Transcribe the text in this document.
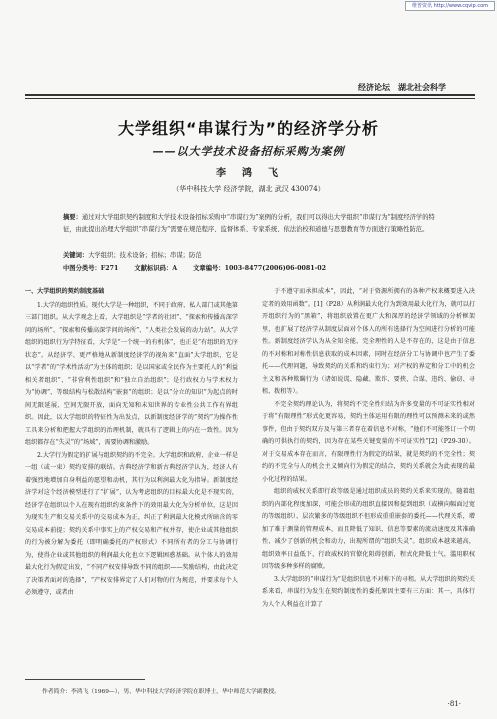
维普资讯 http://www.cqvip.com
经济论坛　湖北社会科学
大学组织“串谋行为”的经济学分析
——以大学技术设备招标采购为案例
李　鸿　飞
（华中科技大学 经济学院，湖北 武汉 430074）
摘要：通过对大学组织契约制度和大学技术设备招标采购中“串谋行为”案例的分析，我们可以得出大学组织“串谋行为”制度经济学的特征，由此提出治理大学组织“串谋行为”需要在规范程序、监督体系、专家系统、依法治校和道德与思想教育等方面进行策略性防范。
关键词：大学组织；技术设备；招标；串谋；防范
中图分类号：F271	文献标识码：A	文章编号：1003-8477(2006)06-0081-02

一、大学组织的契约制度基础

1.大学的组织性质。现代大学是一种组织，不同于政府、私人部门或其他第三部门组织。从大学观念上看，大学组织是“学者的社团”、“探索和传播高深学问的场所”、“探索和传播高深学问的场所”、“人类社会发展的动力站”。从大学组织的组织行为学特征看，大学是“一个统一的有机体”，也正是“有组织的无序状态”。从经济学、更严格地从新制度经济学的视角来“直面”大学组织，它是以“学者”的“学术性活动”为主体的组织；是以国家或全民作为主要托人的“利益相关者组织”、“非营利性组织”和“独立自治组织”；是行政权力与学术权力为“协调”、等级结构与松散结构“嵌套”的组织；是以“分立的知识”为起点的时间无限延展、空间无限开放，面向无知和未知世界的专业性公共工作有界组织。因此，以大学组织的特征性为出发点，以新制度经济学的“契约”为操作性工具来分析和把握大学组织的治理机制，就具有了逻辑上的内在一致性。因为组织都存在“失灵”的“场域”，需要协调和激励。

2.大学行为假定的扩展与组织契约的不完全。大学组织和政府、企业一样是一组（或一束）契约安排的联结。古典经济学和新古典经济学认为，经济人有着强烈地增加自身利益的愿望和动机，其行为以利润最大化为指导。新制度经济学对这个经济模型进行了“扩展”，认为考虑组织的目标最大化是不现实的，经济学在组织以个人在现有组织约束条件下的效用最大化为分析单位，这是因为现实生产和交易关系中的交易成本为正，纠正了利润最大化模式所暗含的零交易成本前提；契约关系中事实上的产权交易和产权并存，使企业或其他组织的行为被分解为委托（即明确委托的产权形式）不同所有者的分工与协调行为，使得企业或其他组织的利润最大化也立下逻辑困惑基础。从个体人的效用最大化行为假定出发，“不同产权安排导致不同的组织——奖励结构，由此决定了决策者面对的选择”，“产权安排界定了人们对物的行为规范，并要求每个人必须遵守，或者由

于不遵守而承担成本”，因此，“对于资源所拥有的各种产权来概要进入决定者的效用函数”。[1]（P28）从利润最大化行为到效用最大化行为，就可以打开组织行为的“黑箱”，将组织放置在更广大和深厚的经济学领域的分析框架里，也扩展了经济学从制度层面对个体人的所有选择行为空间进行分析的可能性。新制度经济学认为从全知全能、完全理性的人是不存在的，这是由于信息的不对称和对称性信息获取的成本因素，同时在经济分工与协调中也产生了委托——代理问题，导致契约的关系和约束行为；对产权的界定和分工中的机会主义和各种欺瞒行为（诸如说谎、隐藏、欺诈、要挟、合谋、违约、偷窃、寻租、拨租等）。

不完全契约理论认为，将契约不完全性归结为许多变量的不可证实性相对于将“有限理性”形式化更容易，契约主体运用有限的理性可以预测未来的或然事件，但由于契约双方及与第三者存在着信息不对称，“他们不可能签订一个明确的可供执行的契约，因为存在某些关键变量的不可证实性”[2]（P29-30）。对于交易成本存在而言，有限理性行为假定的结果，就是契约的不完全性；契约的不完全与人的机会主义倾向行为假定的结合，契约关系就会为此表现的最小化过程的结果。

组织的威权关系即行政等级是通过组织成员的契约关系来实现的，随着组织的内部化程度加深，可能会形成的组织直接因和提到组织（或横向幅面过宽的等级组织）、层次繁多的等级组织不但形成重重嵌套的委托——代理关系，增加了难于测量的管理成本，而且降低了知识、信息等要素的流动速度及其准确性，减少了创新的机会和动力，出现所谓的“组织失灵”。组织成本越来越高，组织效率日益低下，行政威权的官僚化阻碍创新，程式化降低士气，滥用职权因等级多种多样的腐败。

3.大学组织的“串谋行为”是组织信息不对称下的寻租。从大学组织的契约关系来看，串谋行为发生在契约制度性的委托原因主要有三方面：其一，具体行为人个人利益在计算了

作者简介：李鸿飞（1969—），男，华中科技大学经济学院在职博士，华中师范大学副教授。
·81·
